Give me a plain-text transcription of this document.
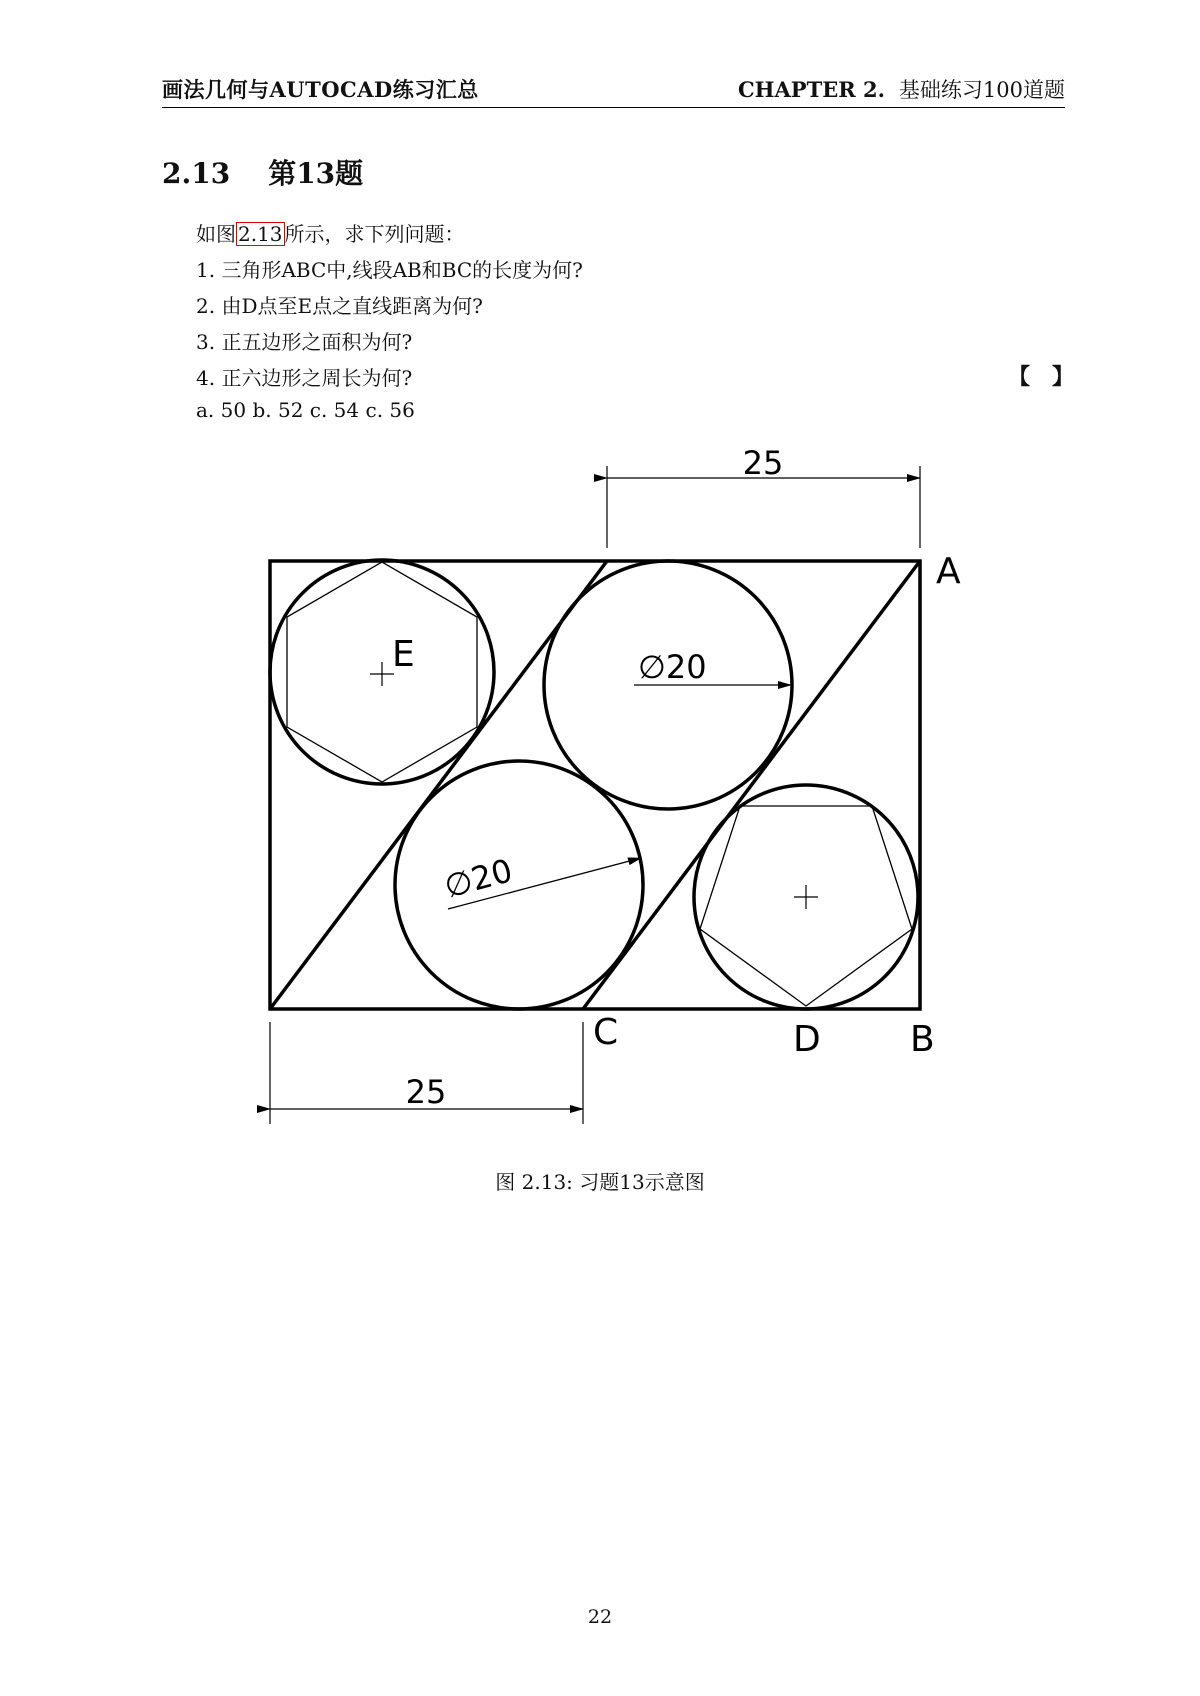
画法几何与AUTOCAD练习汇总	CHAPTER 2. 基础练习100道题
2.13 第13题
如图 2.13 所示，求下列问题：
1. 三角形ABC中,线段AB和BC的长度为何?
2. 由D点至E点之直线距离为何?
3. 正五边形之面积为何?
4. 正六边形之周长为何?	【　】
a. 50 b. 52 c. 54 c. 56
25
25
∅20
∅20
A
B
C	D
E
图 2.13: 习题13示意图
22
